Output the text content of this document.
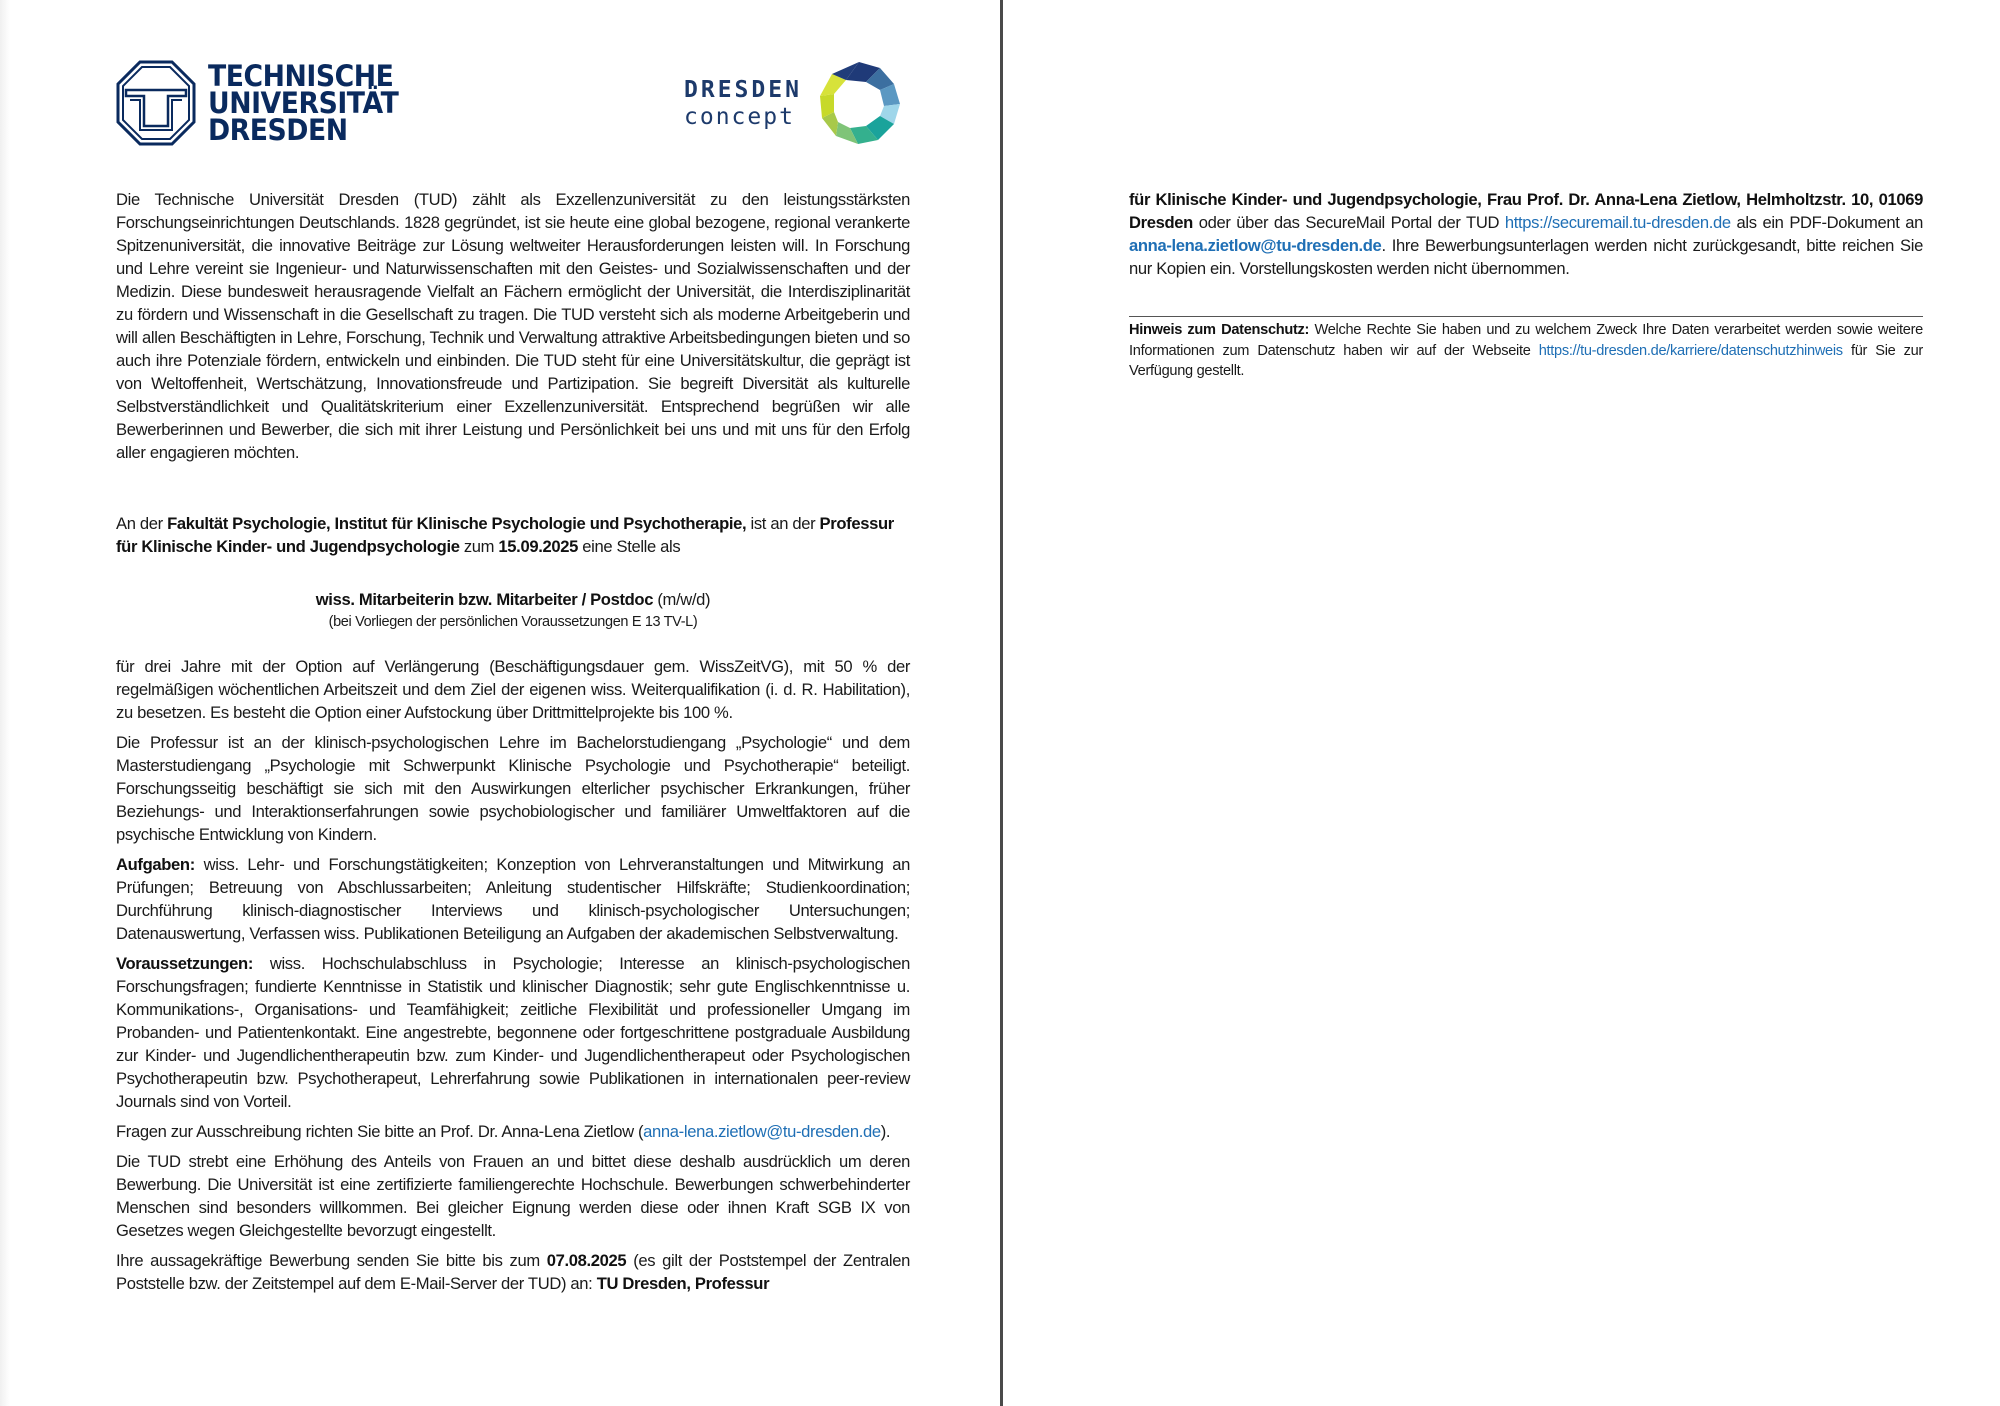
TECHNISCHE
UNIVERSITÄT
DRESDEN
DRESDEN
concept

Die Technische Universität Dresden (TUD) zählt als Exzellenzuniversität zu den leistungsstärksten Forschungseinrichtungen Deutschlands. 1828 gegründet, ist sie heute eine global bezogene, regional verankerte Spitzenuniversität, die innovative Beiträge zur Lösung weltweiter Herausforderungen leisten will. In Forschung und Lehre vereint sie Ingenieur- und Naturwissenschaften mit den Geistes- und Sozialwissenschaften und der Medizin. Diese bundesweit herausragende Vielfalt an Fächern ermöglicht der Universität, die Interdisziplinarität zu fördern und Wissenschaft in die Gesellschaft zu tragen. Die TUD versteht sich als moderne Arbeitgeberin und will allen Beschäftigten in Lehre, Forschung, Technik und Verwaltung attraktive Arbeitsbedingungen bieten und so auch ihre Potenziale fördern, entwickeln und einbinden. Die TUD steht für eine Universitätskultur, die geprägt ist von Weltoffenheit, Wertschätzung, Innovationsfreude und Partizipation. Sie begreift Diversität als kulturelle Selbstverständlichkeit und Qualitätskriterium einer Exzellenzuniversität. Entsprechend begrüßen wir alle Bewerberinnen und Bewerber, die sich mit ihrer Leistung und Persönlichkeit bei uns und mit uns für den Erfolg aller engagieren möchten.

An der Fakultät Psychologie, Institut für Klinische Psychologie und Psychotherapie, ist an der Professur für Klinische Kinder- und Jugendpsychologie zum 15.09.2025 eine Stelle als

wiss. Mitarbeiterin bzw. Mitarbeiter / Postdoc (m/w/d)
(bei Vorliegen der persönlichen Voraussetzungen E 13 TV-L)

für drei Jahre mit der Option auf Verlängerung (Beschäftigungsdauer gem. WissZeitVG), mit 50 % der regelmäßigen wöchentlichen Arbeitszeit und dem Ziel der eigenen wiss. Weiterqualifikation (i. d. R. Habilitation), zu besetzen. Es besteht die Option einer Aufstockung über Drittmittelprojekte bis 100 %.

Die Professur ist an der klinisch-psychologischen Lehre im Bachelorstudiengang „Psychologie“ und dem Masterstudiengang „Psychologie mit Schwerpunkt Klinische Psychologie und Psychotherapie“ beteiligt. Forschungsseitig beschäftigt sie sich mit den Auswirkungen elterlicher psychischer Erkrankungen, früher Beziehungs- und Interaktionserfahrungen sowie psychobiologischer und familiärer Umweltfaktoren auf die psychische Entwicklung von Kindern.

Aufgaben: wiss. Lehr- und Forschungstätigkeiten; Konzeption von Lehrveranstaltungen und Mitwirkung an Prüfungen; Betreuung von Abschlussarbeiten; Anleitung studentischer Hilfskräfte; Studienkoordination; Durchführung klinisch-diagnostischer Interviews und klinisch-psychologischer Untersuchungen; Datenauswertung, Verfassen wiss. Publikationen Beteiligung an Aufgaben der akademischen Selbstverwaltung.

Voraussetzungen: wiss. Hochschulabschluss in Psychologie; Interesse an klinisch-psychologischen Forschungsfragen; fundierte Kenntnisse in Statistik und klinischer Diagnostik; sehr gute Englischkenntnisse u. Kommunikations-, Organisations- und Teamfähigkeit; zeitliche Flexibilität und professioneller Umgang im Probanden- und Patientenkontakt. Eine angestrebte, begonnene oder fortgeschrittene postgraduale Ausbildung zur Kinder- und Jugendlichentherapeutin bzw. zum Kinder- und Jugendlichentherapeut oder Psychologischen Psychotherapeutin bzw. Psychotherapeut, Lehrerfahrung sowie Publikationen in internationalen peer-review Journals sind von Vorteil.

Fragen zur Ausschreibung richten Sie bitte an Prof. Dr. Anna-Lena Zietlow (anna-lena.zietlow@tu-dresden.de).

Die TUD strebt eine Erhöhung des Anteils von Frauen an und bittet diese deshalb ausdrücklich um deren Bewerbung. Die Universität ist eine zertifizierte familiengerechte Hochschule. Bewerbungen schwerbehinderter Menschen sind besonders willkommen. Bei gleicher Eignung werden diese oder ihnen Kraft SGB IX von Gesetzes wegen Gleichgestellte bevorzugt eingestellt.

Ihre aussagekräftige Bewerbung senden Sie bitte bis zum 07.08.2025 (es gilt der Poststempel der Zentralen Poststelle bzw. der Zeitstempel auf dem E-Mail-Server der TUD) an: TU Dresden, Professur

für Klinische Kinder- und Jugendpsychologie, Frau Prof. Dr. Anna-Lena Zietlow, Helmholtzstr. 10, 01069 Dresden oder über das SecureMail Portal der TUD https://securemail.tu-dresden.de als ein PDF-Dokument an anna-lena.zietlow@tu-dresden.de. Ihre Bewerbungsunterlagen werden nicht zurückgesandt, bitte reichen Sie nur Kopien ein. Vorstellungskosten werden nicht übernommen.

Hinweis zum Datenschutz: Welche Rechte Sie haben und zu welchem Zweck Ihre Daten verarbeitet werden sowie weitere Informationen zum Datenschutz haben wir auf der Webseite https://tu-dresden.de/karriere/datenschutzhinweis für Sie zur Verfügung gestellt.
